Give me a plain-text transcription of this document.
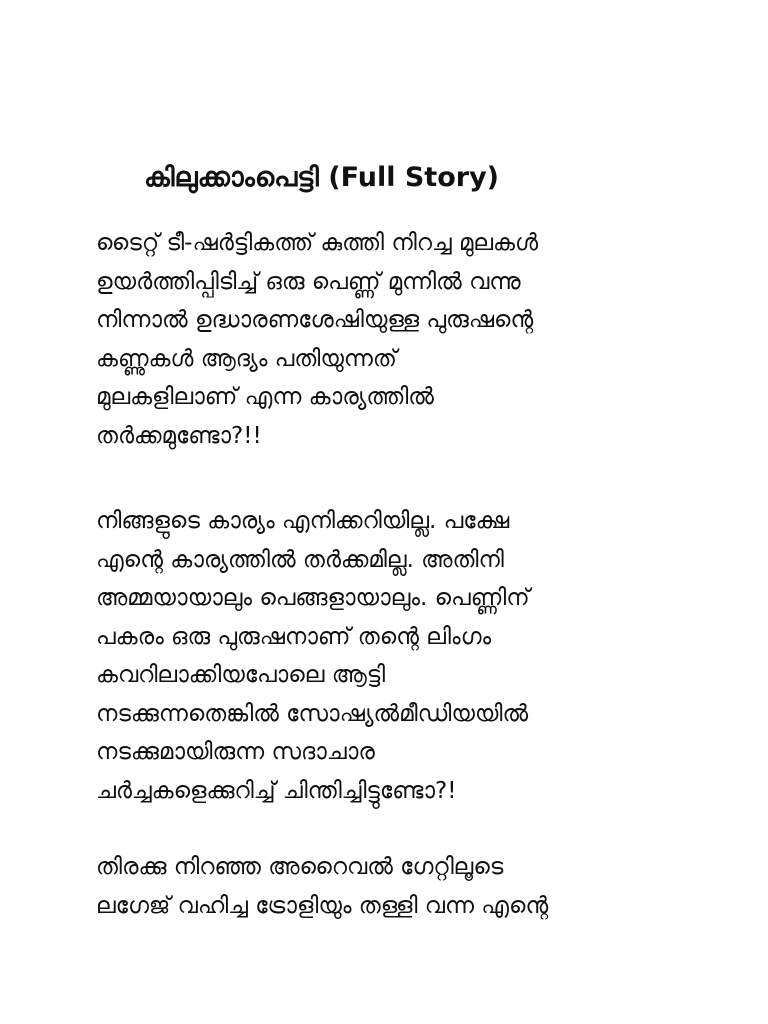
കിലുക്കാംപെട്ടി (Full Story)

ടൈറ്റ് ടീ-ഷർട്ടികത്ത് കുത്തി നിറച്ച മുലകൾ
ഉയർത്തിപ്പിടിച്ച് ഒരു പെണ്ണ് മുന്നിൽ വന്നു
നിന്നാൽ ഉദ്ധാരണശേഷിയുള്ള പുരുഷന്റെ
കണ്ണുകൾ ആദ്യം പതിയുന്നത്
മുലകളിലാണ് എന്ന കാര്യത്തിൽ
തർക്കമുണ്ടോ?!!

നിങ്ങളുടെ കാര്യം എനിക്കറിയില്ല. പക്ഷേ
എന്റെ കാര്യത്തിൽ തർക്കമില്ല. അതിനി
അമ്മയായാലും പെങ്ങളായാലും. പെണ്ണിന്
പകരം ഒരു പുരുഷനാണ് തന്റെ ലിംഗം
കവറിലാക്കിയപോലെ ആട്ടി
നടക്കുന്നതെങ്കിൽ സോഷ്യൽമീഡിയയിൽ
നടക്കുമായിരുന്ന സദാചാര
ചർച്ചകളെക്കുറിച്ച് ചിന്തിച്ചിട്ടുണ്ടോ?!

തിരക്കു നിറഞ്ഞ അറൈവൽ ഗേറ്റിലൂടെ
ലഗേജ് വഹിച്ച ട്രോളിയും തള്ളി വന്ന എന്റെ
